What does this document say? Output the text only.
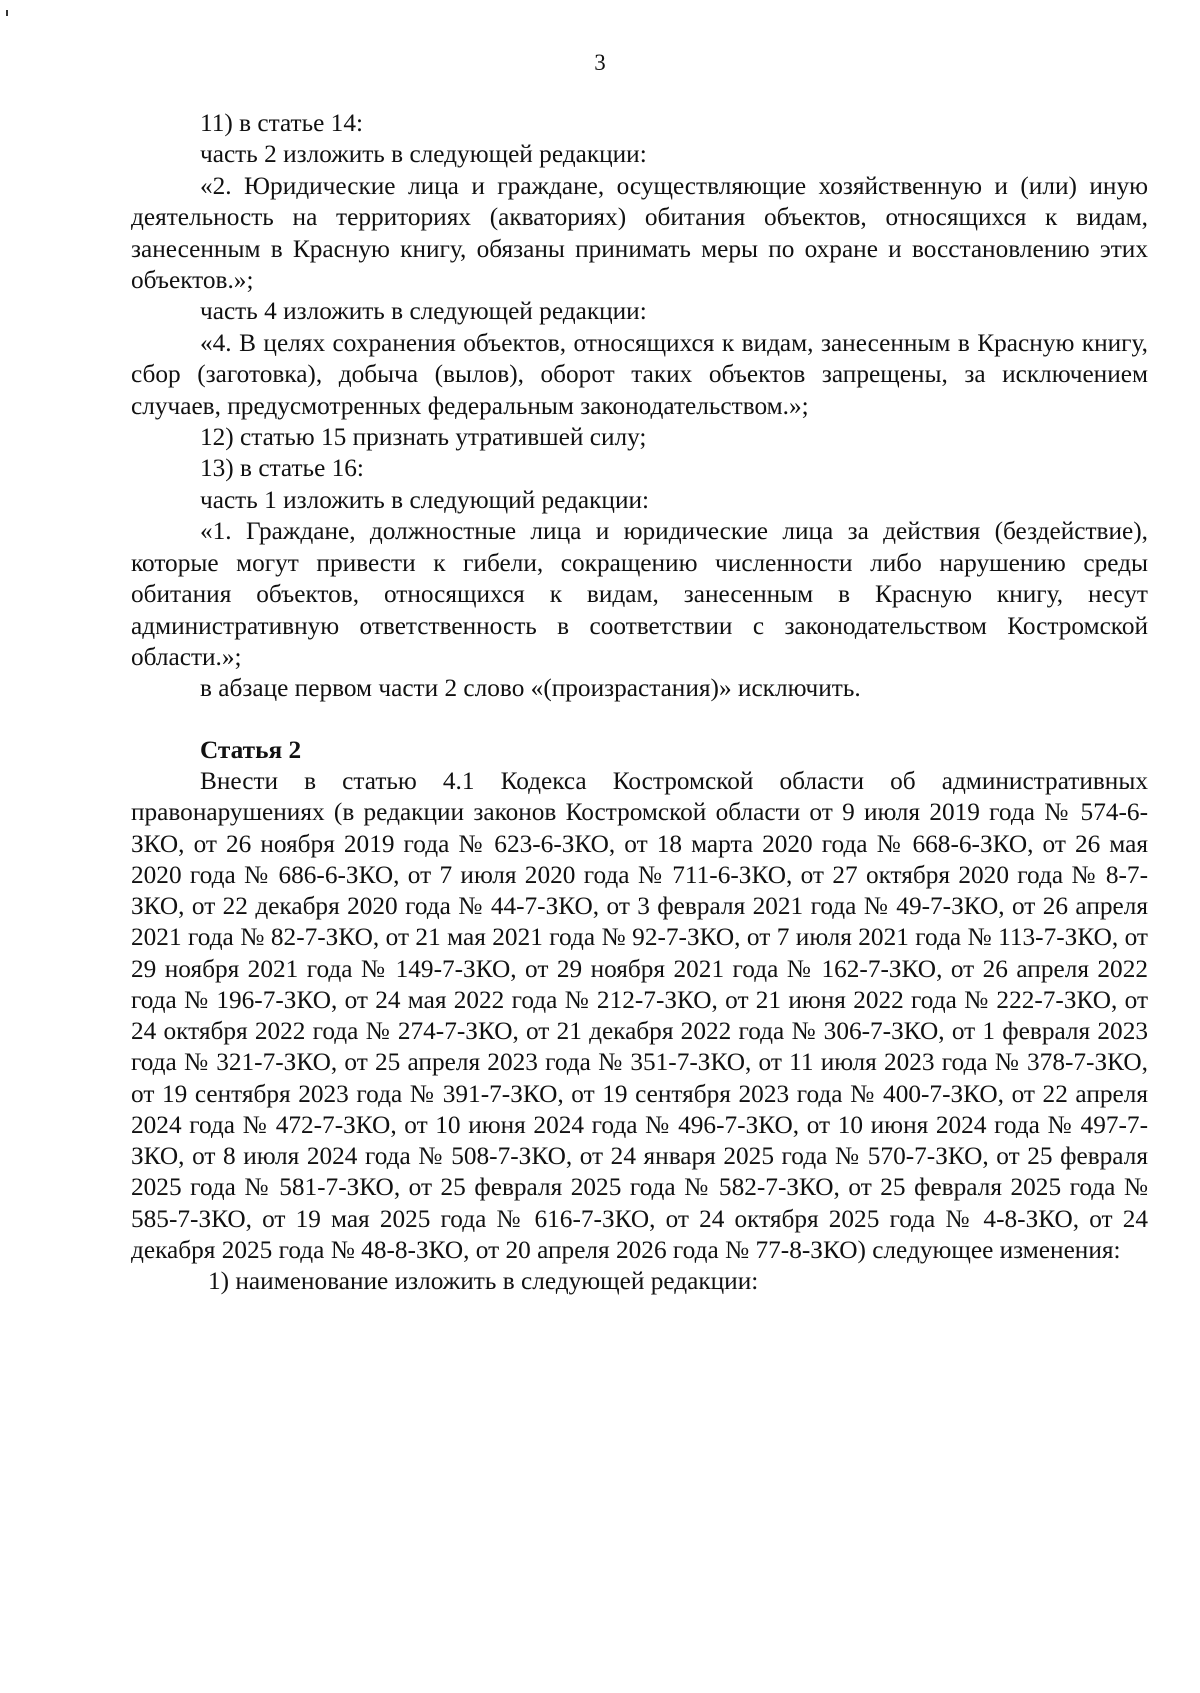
3

11) в статье 14:

часть 2 изложить в следующей редакции:

«2. Юридические лица и граждане, осуществляющие хозяйственную и (или) иную деятельность на территориях (акваториях) обитания объектов, относящихся к видам, занесенным в Красную книгу, обязаны принимать меры по охране и восстановлению этих объектов.»;

часть 4 изложить в следующей редакции:

«4. В целях сохранения объектов, относящихся к видам, занесенным в Красную книгу, сбор (заготовка), добыча (вылов), оборот таких объектов запрещены, за исключением случаев, предусмотренных федеральным законодательством.»;

12) статью 15 признать утратившей силу;

13) в статье 16:

часть 1 изложить в следующий редакции:

«1. Граждане, должностные лица и юридические лица за действия (бездействие), которые могут привести к гибели, сокращению численности либо нарушению среды обитания объектов, относящихся к видам, занесенным в Красную книгу, несут административную ответственность в соответствии с законодательством Костромской области.»;

в абзаце первом части 2 слово «(произрастания)» исключить.

Статья 2

Внести в статью 4.1 Кодекса Костромской области об административных правонарушениях (в редакции законов Костромской области от 9 июля 2019 года № 574-6-ЗКО, от 26 ноября 2019 года № 623-6-ЗКО, от 18 марта 2020 года № 668-6-ЗКО, от 26 мая 2020 года № 686-6-ЗКО, от 7 июля 2020 года № 711-6-ЗКО, от 27 октября 2020 года № 8-7-ЗКО, от 22 декабря 2020 года № 44-7-ЗКО, от 3 февраля 2021 года № 49-7-ЗКО, от 26 апреля 2021 года № 82-7-ЗКО, от 21 мая 2021 года № 92-7-ЗКО, от 7 июля 2021 года № 113-7-ЗКО, от 29 ноября 2021 года № 149-7-ЗКО, от 29 ноября 2021 года № 162-7-ЗКО, от 26 апреля 2022 года № 196-7-ЗКО, от 24 мая 2022 года № 212-7-ЗКО, от 21 июня 2022 года № 222-7-ЗКО, от 24 октября 2022 года № 274-7-ЗКО, от 21 декабря 2022 года № 306-7-ЗКО, от 1 февраля 2023 года № 321-7-ЗКО, от 25 апреля 2023 года № 351-7-ЗКО, от 11 июля 2023 года № 378-7-ЗКО, от 19 сентября 2023 года № 391-7-ЗКО, от 19 сентября 2023 года № 400-7-ЗКО, от 22 апреля 2024 года № 472-7-ЗКО, от 10 июня 2024 года № 496-7-ЗКО, от 10 июня 2024 года № 497-7-ЗКО, от 8 июля 2024 года № 508-7-ЗКО, от 24 января 2025 года № 570-7-ЗКО, от 25 февраля 2025 года № 581-7-ЗКО, от 25 февраля 2025 года № 582-7-ЗКО, от 25 февраля 2025 года № 585-7-ЗКО, от 19 мая 2025 года № 616-7-ЗКО, от 24 октября 2025 года № 4-8-ЗКО, от 24 декабря 2025 года № 48-8-ЗКО, от 20 апреля 2026 года № 77-8-ЗКО) следующее изменения:

1) наименование изложить в следующей редакции:
